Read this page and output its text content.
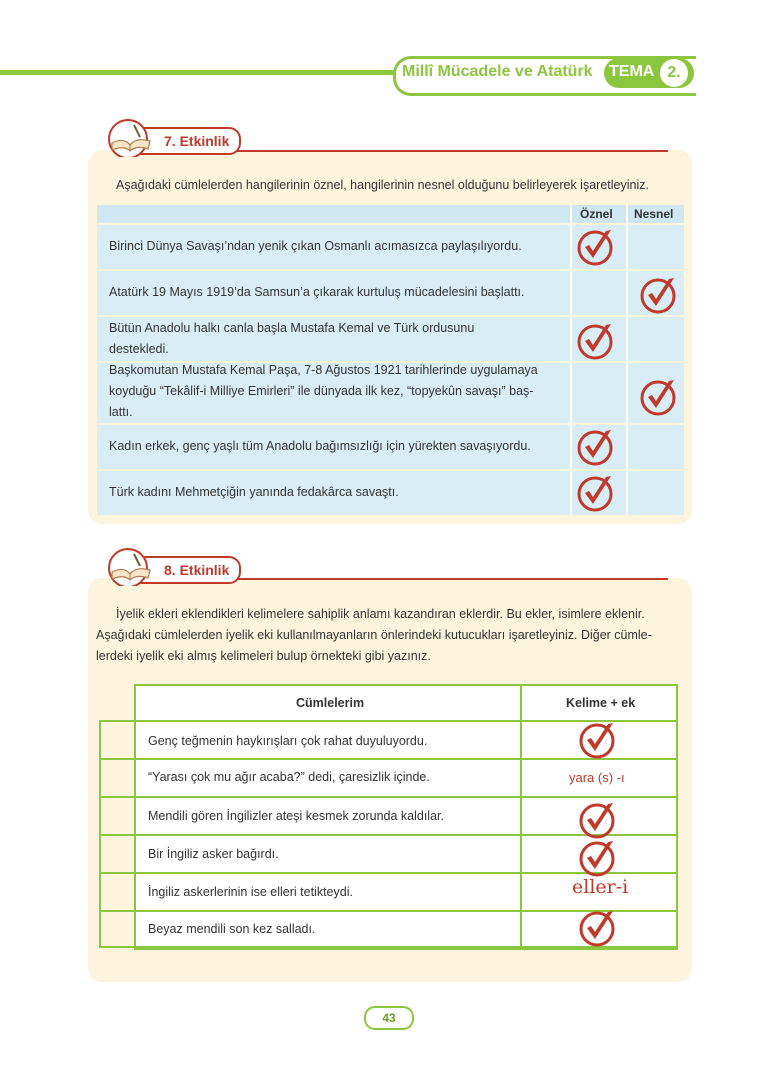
Millî Mücadele ve Atatürk TEMA 2.
7. Etkinlik
Aşağıdaki cümlelerden hangilerinin öznel, hangilerinin nesnel olduğunu belirleyerek işaretleyiniz.
Öznel Nesnel
Birinci Dünya Savaşı’ndan yenik çıkan Osmanlı acımasızca paylaşılıyordu.
Atatürk 19 Mayıs 1919’da Samsun’a çıkarak kurtuluş mücadelesini başlattı.
Bütün Anadolu halkı canla başla Mustafa Kemal ve Türk ordusunu
destekledi.
Başkomutan Mustafa Kemal Paşa, 7-8 Ağustos 1921 tarihlerinde uygulamaya
koyduğu “Tekâlif-i Milliye Emirleri” ile dünyada ilk kez, “topyekûn savaşı” baş-
lattı.
Kadın erkek, genç yaşlı tüm Anadolu bağımsızlığı için yürekten savaşıyordu.
Türk kadını Mehmetçiğin yanında fedakârca savaştı.
8. Etkinlik
İyelik ekleri eklendikleri kelimelere sahiplik anlamı kazandıran eklerdir. Bu ekler, isimlere eklenir.
Aşağıdaki cümlelerden iyelik eki kullanılmayanların önlerindeki kutucukları işaretleyiniz. Diğer cümle-
lerdeki iyelik eki almış kelimeleri bulup örnekteki gibi yazınız.
Cümlelerim	Kelime + ek
Genç teğmenin haykırışları çok rahat duyuluyordu.
“Yarası çok mu ağır acaba?” dedi, çaresizlik içinde.
Mendili gören İngilizler ateşi kesmek zorunda kaldılar.
Bir İngiliz asker bağırdı.
İngiliz askerlerinin ise elleri tetikteydi.
Beyaz mendili son kez salladı.
yara (s) -ı
eller-i
43
